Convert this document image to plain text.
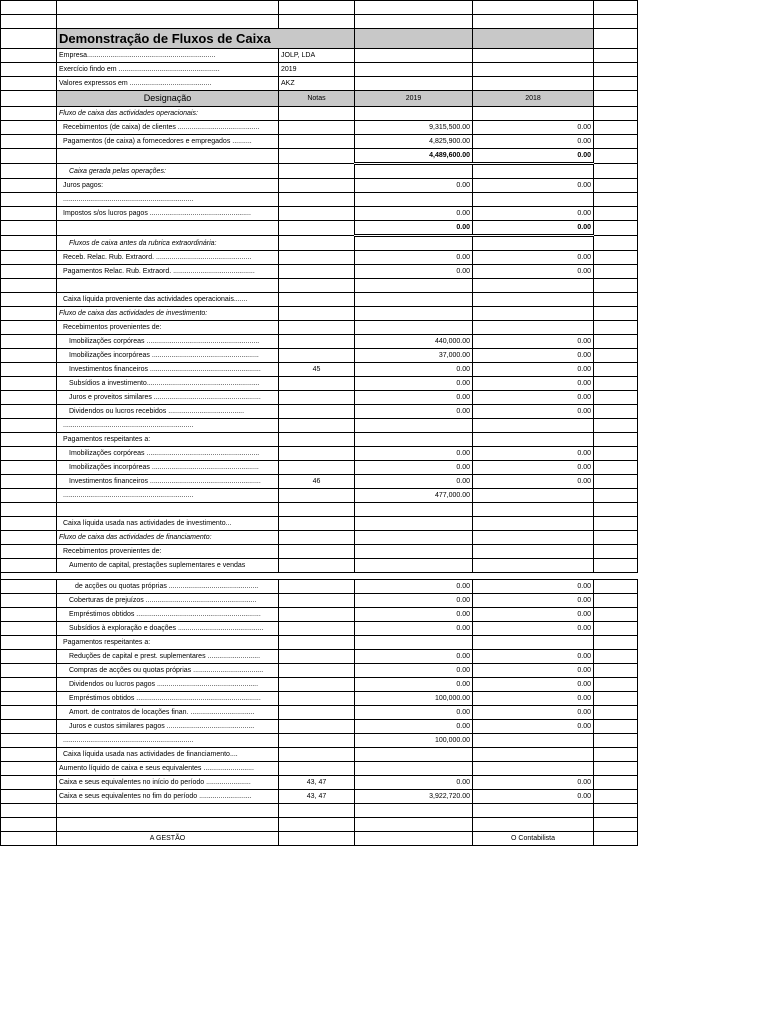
	Demonstração de Fluxos de Caixa				
	Empresa..................................................................	JOLP, LDA			
	Exercício findo em ....................................................	2019			
	Valores expressos em ..........................................	AKZ			
	Designação	Notas	2019	2018	
	Fluxo de caixa das actividades operacionais:				
	Recebimentos (de caixa) de clientes ..........................................		9,315,500.00	0.00	
	Pagamentos (de caixa) a fornecedores e empregados ..........		4,825,900.00	0.00	
			4,489,600.00	0.00	
	Caixa gerada pelas operações:				
	Juros pagos:		0.00	0.00	
	...................................................................				
	Impostos s/os lucros pagos ....................................................		0.00	0.00	
			0.00	0.00	
	Fluxos de caixa antes da rubrica extraordinária:				
	Receb. Relac. Rub. Extraord. .................................................		0.00	0.00	
	Pagamentos Relac. Rub. Extraord. ..........................................		0.00	0.00	

	Caixa líquida proveniente das actividades operacionais.......				
	Fluxo de caixa das actividades de investimento:				
	Recebimentos provenientes de:				
	Imobilizações corpóreas ..........................................................		440,000.00	0.00	
	Imobilizações incorpóreas .......................................................		37,000.00	0.00	
	Investimentos financeiros .........................................................	45	0.00	0.00	
	Subsídios a investimento..........................................................		0.00	0.00	
	Juros e proveitos similares .......................................................		0.00	0.00	
	Dividendos ou lucros recebidos .......................................		0.00	0.00	
	...................................................................				
	Pagamentos respeitantes a:				
	Imobilizações corpóreas ..........................................................		0.00	0.00	
	Imobilizações incorpóreas .......................................................		0.00	0.00	
	Investimentos financeiros .........................................................	46	0.00	0.00	
	...................................................................		477,000.00		

	Caixa líquida usada nas actividades de investimento...				
	Fluxo de caixa das actividades de financiamento:				
	Recebimentos provenientes de:				
	Aumento de capital, prestações suplementares e vendas				

	de acções ou quotas próprias ..............................................		0.00	0.00	
	Coberturas de prejuízos .........................................................		0.00	0.00	
	Empréstimos obtidos ................................................................		0.00	0.00	
	Subsídios à exploração e doações ............................................		0.00	0.00	
	Pagamentos respeitantes a:				
	Reduções de capital e prest. suplementares ...........................		0.00	0.00	
	Compras de acções ou quotas próprias ....................................		0.00	0.00	
	Dividendos ou lucros pagos ....................................................		0.00	0.00	
	Empréstimos obtidos ................................................................		100,000.00	0.00	
	Amort. de contratos de locações finan. .................................		0.00	0.00	
	Juros e custos similares pagos .............................................		0.00	0.00	
	...................................................................		100,000.00		
	Caixa líquida usada nas actividades de financiamento....				
	Aumento líquido de caixa e seus equivalentes ..........................				
	Caixa e seus equivalentes no início do período .......................	43, 47	0.00	0.00	
	Caixa e seus equivalentes no fim do período ...........................	43, 47	3,922,720.00	0.00	

	A GESTÃO			O Contabilista	
